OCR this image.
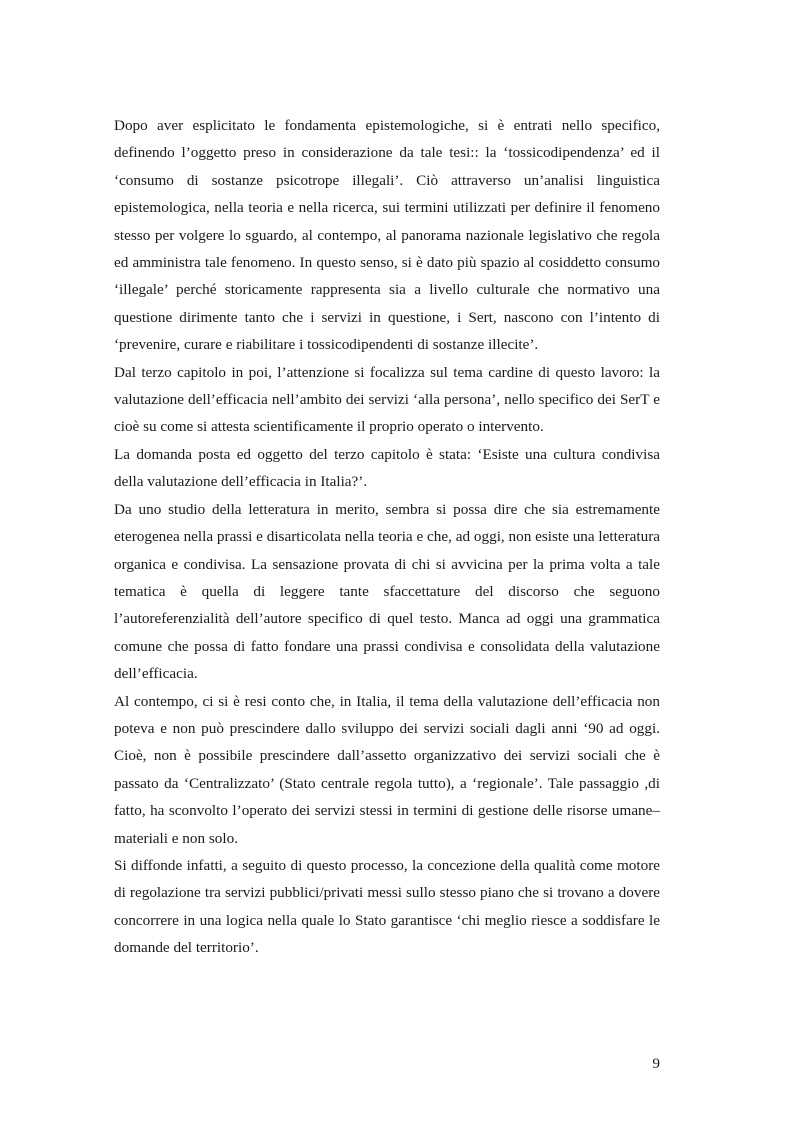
Dopo aver esplicitato le fondamenta epistemologiche, si è entrati nello specifico, definendo l’oggetto preso in considerazione da tale tesi:: la ‘tossicodipendenza’ ed il ‘consumo di sostanze psicotrope illegali’. Ciò attraverso un’analisi linguistica epistemologica, nella teoria e nella ricerca, sui termini utilizzati per definire il fenomeno stesso per volgere lo sguardo, al contempo, al panorama nazionale legislativo che regola ed amministra tale fenomeno. In questo senso, si è dato più spazio al cosiddetto consumo ‘illegale’ perché storicamente rappresenta sia a livello culturale che normativo una questione dirimente tanto che i servizi in questione, i Sert, nascono con l’intento di ‘prevenire, curare e riabilitare i tossicodipendenti di sostanze illecite’.

Dal terzo capitolo in poi, l’attenzione si focalizza sul tema cardine di questo lavoro: la valutazione dell’efficacia nell’ambito dei servizi ‘alla persona’, nello specifico dei SerT e cioè su come si attesta scientificamente il proprio operato o intervento.

La domanda posta ed oggetto del terzo capitolo è stata: ‘Esiste una cultura condivisa della valutazione dell’efficacia in Italia?’.

Da uno studio della letteratura in merito, sembra si possa dire che sia estremamente eterogenea nella prassi e disarticolata nella teoria e che, ad oggi, non esiste una letteratura organica e condivisa. La sensazione provata di chi si avvicina per la prima volta a tale tematica è quella di leggere tante sfaccettature del discorso che seguono l’autoreferenzialità dell’autore specifico di quel testo. Manca ad oggi una grammatica comune che possa di fatto fondare una prassi condivisa e consolidata della valutazione dell’efficacia.

Al contempo, ci si è resi conto che, in Italia, il tema della valutazione dell’efficacia non poteva e non può prescindere dallo sviluppo dei servizi sociali dagli anni ‘90 ad oggi. Cioè, non è possibile prescindere dall’assetto organizzativo dei servizi sociali che è passato da ‘Centralizzato’ (Stato centrale regola tutto), a ‘regionale’. Tale passaggio ,di fatto, ha sconvolto l’operato dei servizi stessi in termini di gestione delle risorse umane–materiali e non solo.

Si diffonde infatti, a seguito di questo processo, la concezione della qualità come motore di regolazione tra servizi pubblici/privati messi sullo stesso piano che si trovano a dovere concorrere in una logica nella quale lo Stato garantisce ‘chi meglio riesce a soddisfare le domande del territorio’.

9
